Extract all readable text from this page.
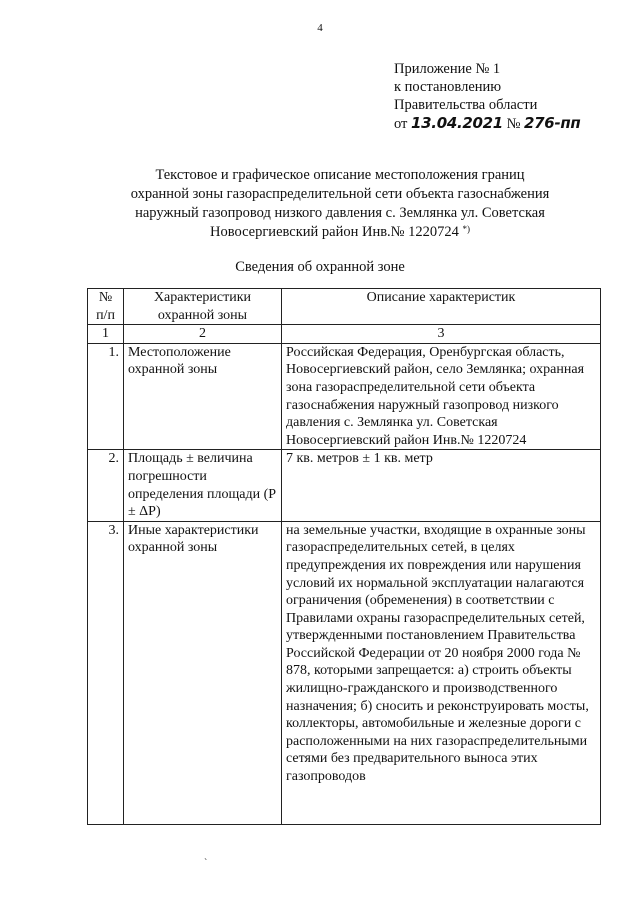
4
Приложение № 1
к постановлению
Правительства области
от 13.04.2021 № 276-пп
Текстовое и графическое описание местоположения границ
охранной зоны газораспределительной сети объекта газоснабжения
наружный газопровод низкого давления с. Землянка ул. Советская
Новосергиевский район Инв.№ 1220724 *)
Сведения об охранной зоне
№ п/п	Характеристики охранной зоны	Описание характеристик
1	2	3
1.	Местоположение охранной зоны	Российская Федерация, Оренбургская область, Новосергиевский район, село Землянка; охранная зона газораспределительной сети объекта газоснабжения наружный газопровод низкого давления с. Землянка ул. Советская Новосергиевский район Инв.№ 1220724
2.	Площадь ± величина погрешности определения площади (Р ± ΔР)	7 кв. метров ± 1 кв. метр
3.	Иные характеристики охранной зоны	на земельные участки, входящие в охранные зоны газораспределительных сетей, в целях предупреждения их повреждения или нарушения условий их нормальной эксплуатации налагаются ограничения (обременения) в соответствии с Правилами охраны газораспределительных сетей, утвержденными постановлением Правительства Российской Федерации от 20 ноября 2000 года № 878, которыми запрещается: а) строить объекты жилищно-гражданского и производственного назначения; б) сносить и реконструировать мосты, коллекторы, автомобильные и железные дороги с расположенными на них газораспределительными сетями без предварительного выноса этих газопроводов
`
